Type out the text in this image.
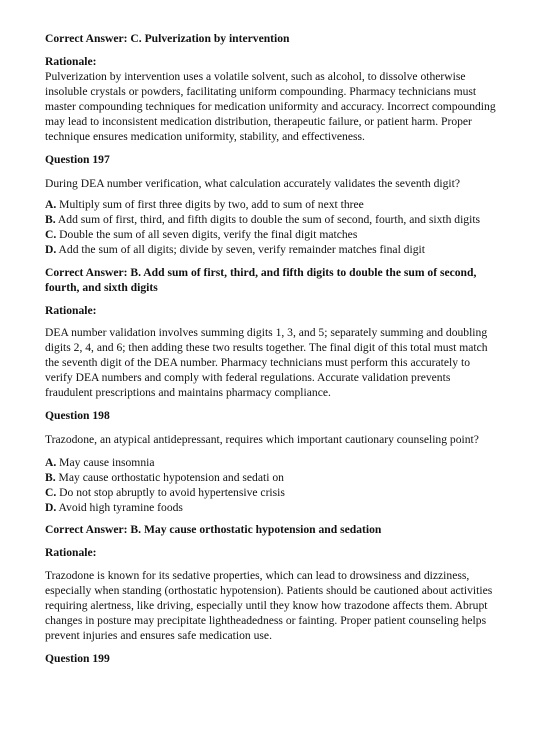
Correct Answer: C. Pulverization by intervention

Rationale:

Pulverization by intervention uses a volatile solvent, such as alcohol, to dissolve otherwise

insoluble crystals or powders, facilitating uniform compounding. Pharmacy technicians must

master compounding techniques for medication uniformity and accuracy. Incorrect compounding

may lead to inconsistent medication distribution, therapeutic failure, or patient harm. Proper

technique ensures medication uniformity, stability, and effectiveness.

Question 197

During DEA number verification, what calculation accurately validates the seventh digit?

A. Multiply sum of first three digits by two, add to sum of next three

B. Add sum of first, third, and fifth digits to double the sum of second, fourth, and sixth digits

C. Double the sum of all seven digits, verify the final digit matches

D. Add the sum of all digits; divide by seven, verify remainder matches final digit

Correct Answer: B. Add sum of first, third, and fifth digits to double the sum of second,

fourth, and sixth digits

Rationale:

DEA number validation involves summing digits 1, 3, and 5; separately summing and doubling

digits 2, 4, and 6; then adding these two results together. The final digit of this total must match

the seventh digit of the DEA number. Pharmacy technicians must perform this accurately to

verify DEA numbers and comply with federal regulations. Accurate validation prevents

fraudulent prescriptions and maintains pharmacy compliance.

Question 198

Trazodone, an atypical antidepressant, requires which important cautionary counseling point?

A. May cause insomnia

B. May cause orthostatic hypotension and sedati on

C. Do not stop abruptly to avoid hypertensive crisis

D. Avoid high tyramine foods

Correct Answer: B. May cause orthostatic hypotension and sedation

Rationale:

Trazodone is known for its sedative properties, which can lead to drowsiness and dizziness,

especially when standing (orthostatic hypotension). Patients should be cautioned about activities

requiring alertness, like driving, especially until they know how trazodone affects them. Abrupt

changes in posture may precipitate lightheadedness or fainting. Proper patient counseling helps

prevent injuries and ensures safe medication use.

Question 199
